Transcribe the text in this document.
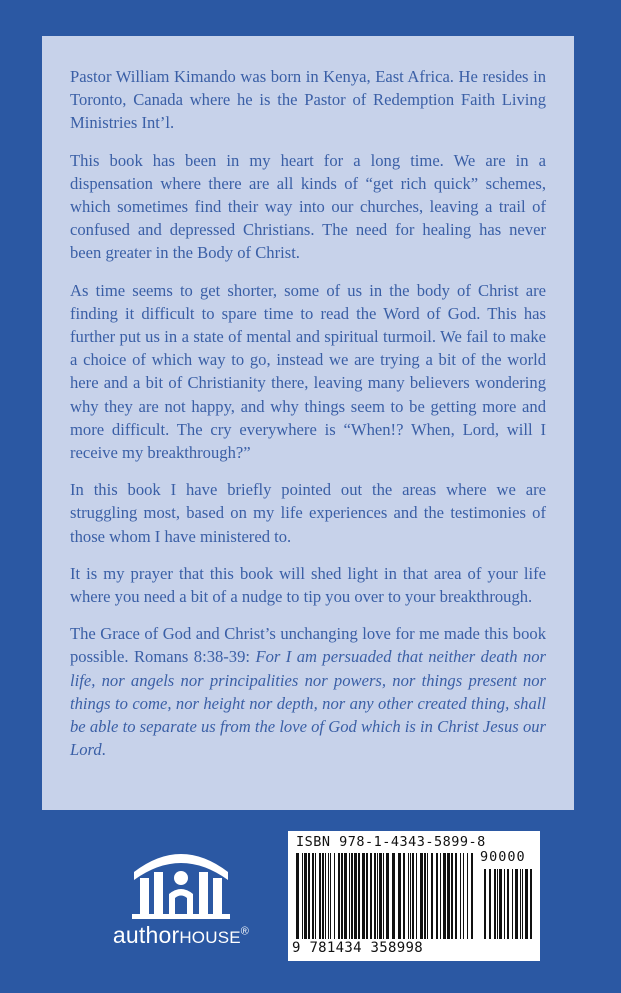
Pastor William Kimando was born in Kenya, East Africa. He resides in Toronto, Canada where he is the Pastor of Redemption Faith Living Ministries Int’l.

This book has been in my heart for a long time. We are in a dispensation where there are all kinds of “get rich quick” schemes, which sometimes find their way into our churches, leaving a trail of confused and depressed Christians. The need for healing has never been greater in the Body of Christ.

As time seems to get shorter, some of us in the body of Christ are finding it difficult to spare time to read the Word of God. This has further put us in a state of mental and spiritual turmoil. We fail to make a choice of which way to go, instead we are trying a bit of the world here and a bit of Christianity there, leaving many believers wondering why they are not happy, and why things seem to be getting more and more difficult. The cry everywhere is “When!? When, Lord, will I receive my breakthrough?”

In this book I have briefly pointed out the areas where we are struggling most, based on my life experiences and the testimonies of those whom I have ministered to.

It is my prayer that this book will shed light in that area of your life where you need a bit of a nudge to tip you over to your breakthrough.

The Grace of God and Christ’s unchanging love for me made this book possible. Romans 8:38-39: For I am persuaded that neither death nor life, nor angels nor principalities nor powers, nor things present nor things to come, nor height nor depth, nor any other created thing, shall be able to separate us from the love of God which is in Christ Jesus our Lord.

authorHOUSE®
ISBN 978-1-4343-5899-8
90000
9 781434 358998
